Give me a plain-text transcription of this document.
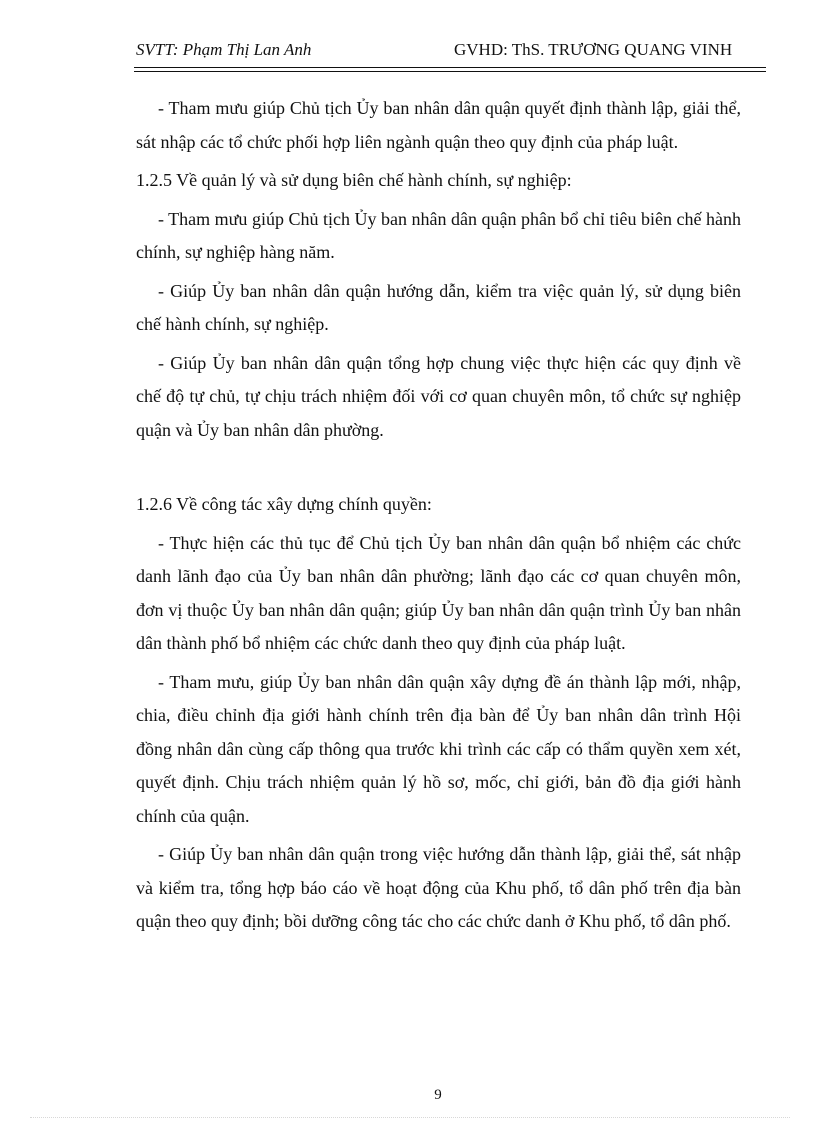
SVTT: Phạm Thị Lan Anh	GVHD: ThS. TRƯƠNG QUANG VINH

- Tham mưu giúp Chủ tịch Ủy ban nhân dân quận quyết định thành lập, giải thể, sát nhập các tổ chức phối hợp liên ngành quận theo quy định của pháp luật.

1.2.5 Về quản lý và sử dụng biên chế hành chính, sự nghiệp:

- Tham mưu giúp Chủ tịch Ủy ban nhân dân quận phân bổ chỉ tiêu biên chế hành chính, sự nghiệp hàng năm.

- Giúp Ủy ban nhân dân quận hướng dẫn, kiểm tra việc quản lý, sử dụng biên chế hành chính, sự nghiệp.

- Giúp Ủy ban nhân dân quận tổng hợp chung việc thực hiện các quy định về chế độ tự chủ, tự chịu trách nhiệm đối với cơ quan chuyên môn, tổ chức sự nghiệp quận và Ủy ban nhân dân phường.

1.2.6 Về công tác xây dựng chính quyền:

- Thực hiện các thủ tục để Chủ tịch Ủy ban nhân dân quận bổ nhiệm các chức danh lãnh đạo của Ủy ban nhân dân phường; lãnh đạo các cơ quan chuyên môn, đơn vị thuộc Ủy ban nhân dân quận; giúp Ủy ban nhân dân quận trình Ủy ban nhân dân thành phố bổ nhiệm các chức danh theo quy định của pháp luật.

- Tham mưu, giúp Ủy ban nhân dân quận xây dựng đề án thành lập mới, nhập, chia, điều chỉnh địa giới hành chính trên địa bàn để Ủy ban nhân dân trình Hội đồng nhân dân cùng cấp thông qua trước khi trình các cấp có thẩm quyền xem xét, quyết định. Chịu trách nhiệm quản lý hồ sơ, mốc, chỉ giới, bản đồ địa giới hành chính của quận.

- Giúp Ủy ban nhân dân quận trong việc hướng dẫn thành lập, giải thể, sát nhập và kiểm tra, tổng hợp báo cáo về hoạt động của Khu phố, tổ dân phố trên địa bàn quận theo quy định; bồi dưỡng công tác cho các chức danh ở Khu phố, tổ dân phố.

9
